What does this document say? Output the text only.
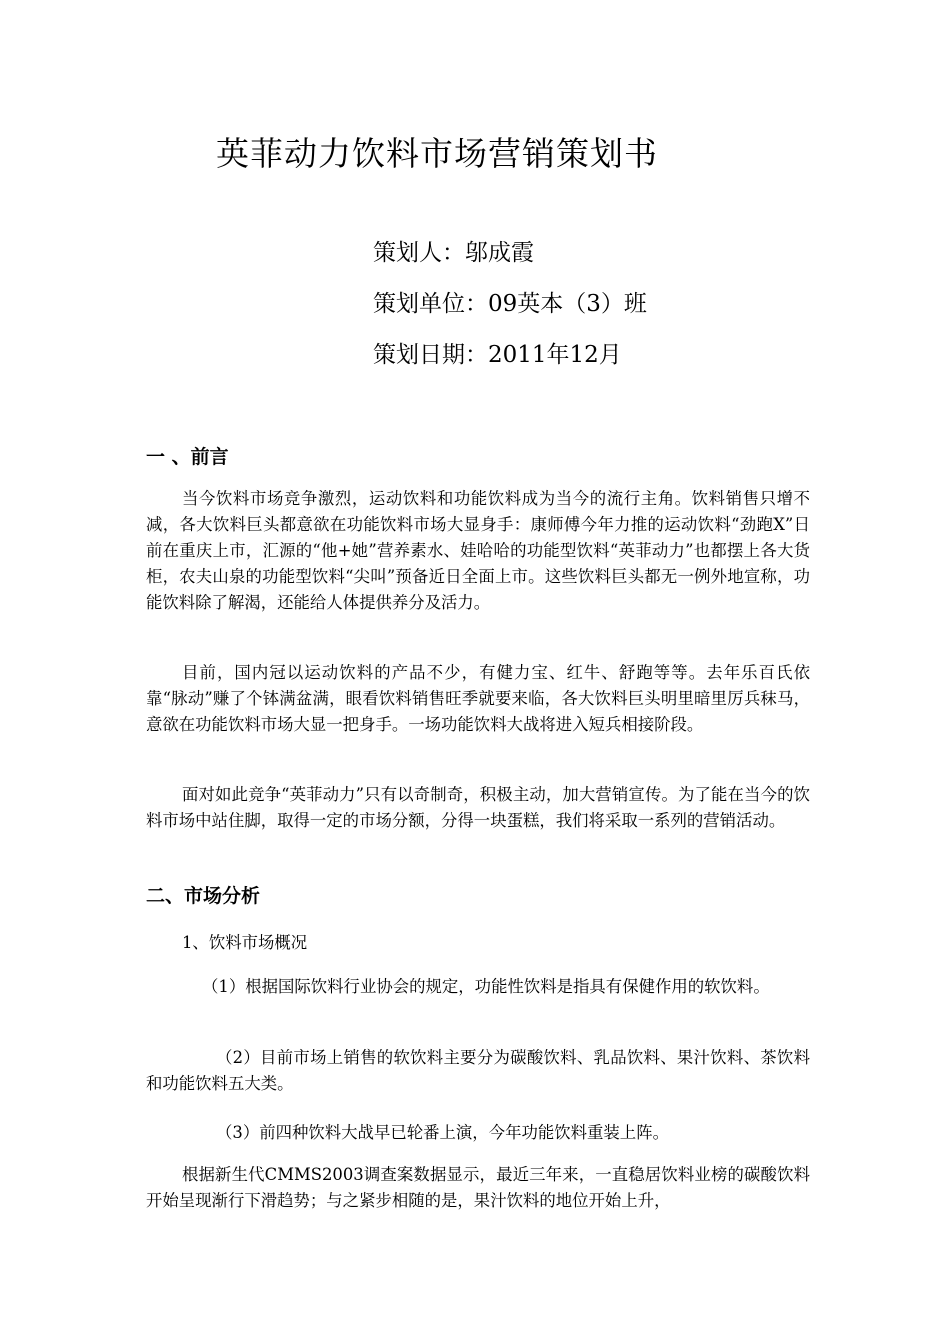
英菲动力饮料市场营销策划书
策划人：邬成霞
策划单位：09英本（3）班
策划日期：2011年12月
一 、前言

当今饮料市场竞争激烈，运动饮料和功能饮料成为当今的流行主角。饮料销售只增不减，各大饮料巨头都意欲在功能饮料市场大显身手：康师傅今年力推的运动饮料“劲跑X”日前在重庆上市，汇源的“他+她”营养素水、娃哈哈的功能型饮料“英菲动力”也都摆上各大货柜，农夫山泉的功能型饮料“尖叫”预备近日全面上市。这些饮料巨头都无一例外地宣称，功能饮料除了解渴，还能给人体提供养分及活力。

目前，国内冠以运动饮料的产品不少，有健力宝、红牛、舒跑等等。去年乐百氏依靠“脉动”赚了个钵满盆满，眼看饮料销售旺季就要来临，各大饮料巨头明里暗里厉兵秣马，意欲在功能饮料市场大显一把身手。一场功能饮料大战将进入短兵相接阶段。

面对如此竞争“英菲动力”只有以奇制奇，积极主动，加大营销宣传。为了能在当今的饮料市场中站住脚，取得一定的市场分额，分得一块蛋糕，我们将采取一系列的营销活动。

二、市场分析

1、饮料市场概况

（1）根据国际饮料行业协会的规定，功能性饮料是指具有保健作用的软饮料。

（2）目前市场上销售的软饮料主要分为碳酸饮料、乳品饮料、果汁饮料、茶饮料和功能饮料五大类。

（3）前四种饮料大战早已轮番上演，今年功能饮料重装上阵。

根据新生代CMMS2003调查案数据显示，最近三年来，一直稳居饮料业榜的碳酸饮料开始呈现渐行下滑趋势；与之紧步相随的是，果汁饮料的地位开始上升，
